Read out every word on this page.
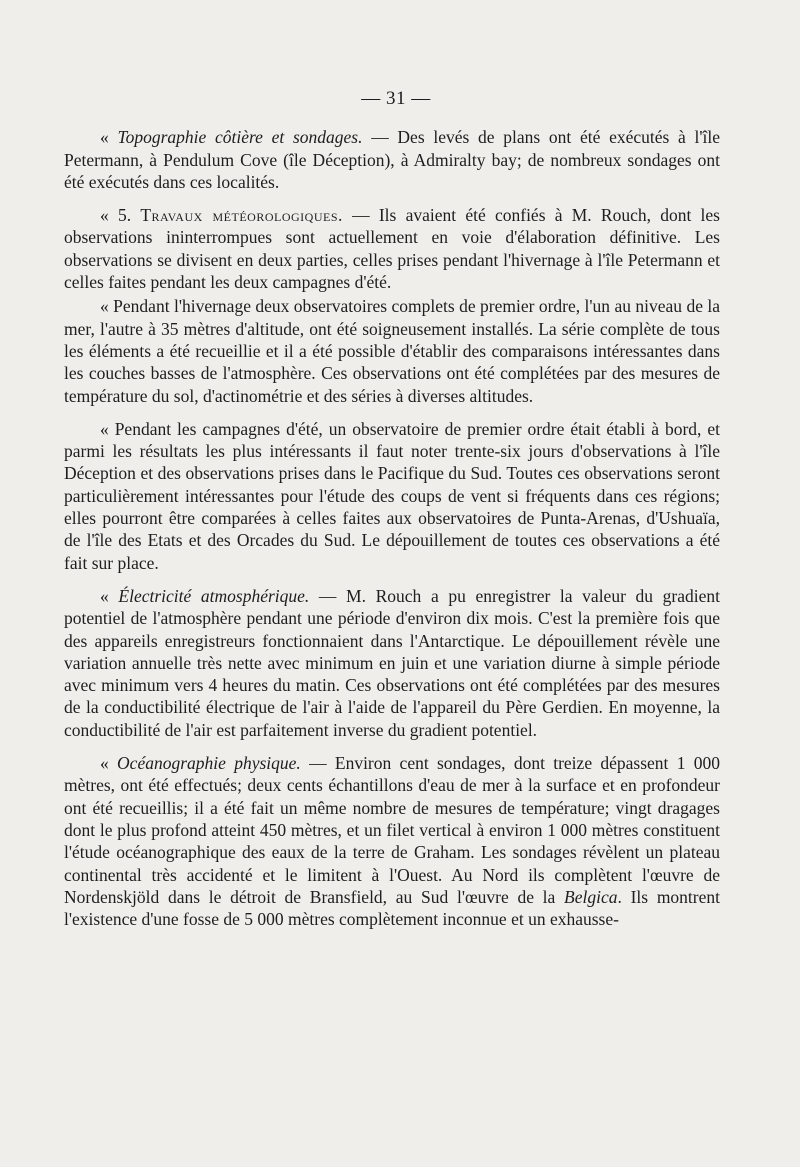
— 31 —

« Topographie côtière et sondages. — Des levés de plans ont été exécutés à l'île Petermann, à Pendulum Cove (île Déception), à Admiralty bay; de nombreux sondages ont été exécutés dans ces localités.

« 5. Travaux météorologiques. — Ils avaient été confiés à M. Rouch, dont les observations ininterrompues sont actuellement en voie d'élaboration définitive. Les observations se divisent en deux parties, celles prises pendant l'hivernage à l'île Petermann et celles faites pendant les deux campagnes d'été.

« Pendant l'hivernage deux observatoires complets de premier ordre, l'un au niveau de la mer, l'autre à 35 mètres d'altitude, ont été soigneusement installés. La série complète de tous les éléments a été recueillie et il a été possible d'établir des comparaisons intéressantes dans les couches basses de l'atmosphère. Ces observations ont été complétées par des mesures de température du sol, d'actinométrie et des séries à diverses altitudes.

« Pendant les campagnes d'été, un observatoire de premier ordre était établi à bord, et parmi les résultats les plus intéressants il faut noter trente-six jours d'observations à l'île Déception et des observations prises dans le Pacifique du Sud. Toutes ces observations seront particulièrement intéressantes pour l'étude des coups de vent si fréquents dans ces régions; elles pourront être comparées à celles faites aux observatoires de Punta-Arenas, d'Ushuaïa, de l'île des Etats et des Orcades du Sud. Le dépouillement de toutes ces observations a été fait sur place.

« Électricité atmosphérique. — M. Rouch a pu enregistrer la valeur du gradient potentiel de l'atmosphère pendant une période d'environ dix mois. C'est la première fois que des appareils enregistreurs fonctionnaient dans l'Antarctique. Le dépouillement révèle une variation annuelle très nette avec minimum en juin et une variation diurne à simple période avec minimum vers 4 heures du matin. Ces observations ont été complétées par des mesures de la conductibilité électrique de l'air à l'aide de l'appareil du Père Gerdien. En moyenne, la conductibilité de l'air est parfaitement inverse du gradient potentiel.

« Océanographie physique. — Environ cent sondages, dont treize dépassent 1 000 mètres, ont été effectués; deux cents échantillons d'eau de mer à la surface et en profondeur ont été recueillis; il a été fait un même nombre de mesures de température; vingt dragages dont le plus profond atteint 450 mètres, et un filet vertical à environ 1 000 mètres constituent l'étude océanographique des eaux de la terre de Graham. Les sondages révèlent un plateau continental très accidenté et le limitent à l'Ouest. Au Nord ils complètent l'œuvre de Nordenskjöld dans le détroit de Bransfield, au Sud l'œuvre de la Belgica. Ils montrent l'existence d'une fosse de 5 000 mètres complètement inconnue et un exhausse-
